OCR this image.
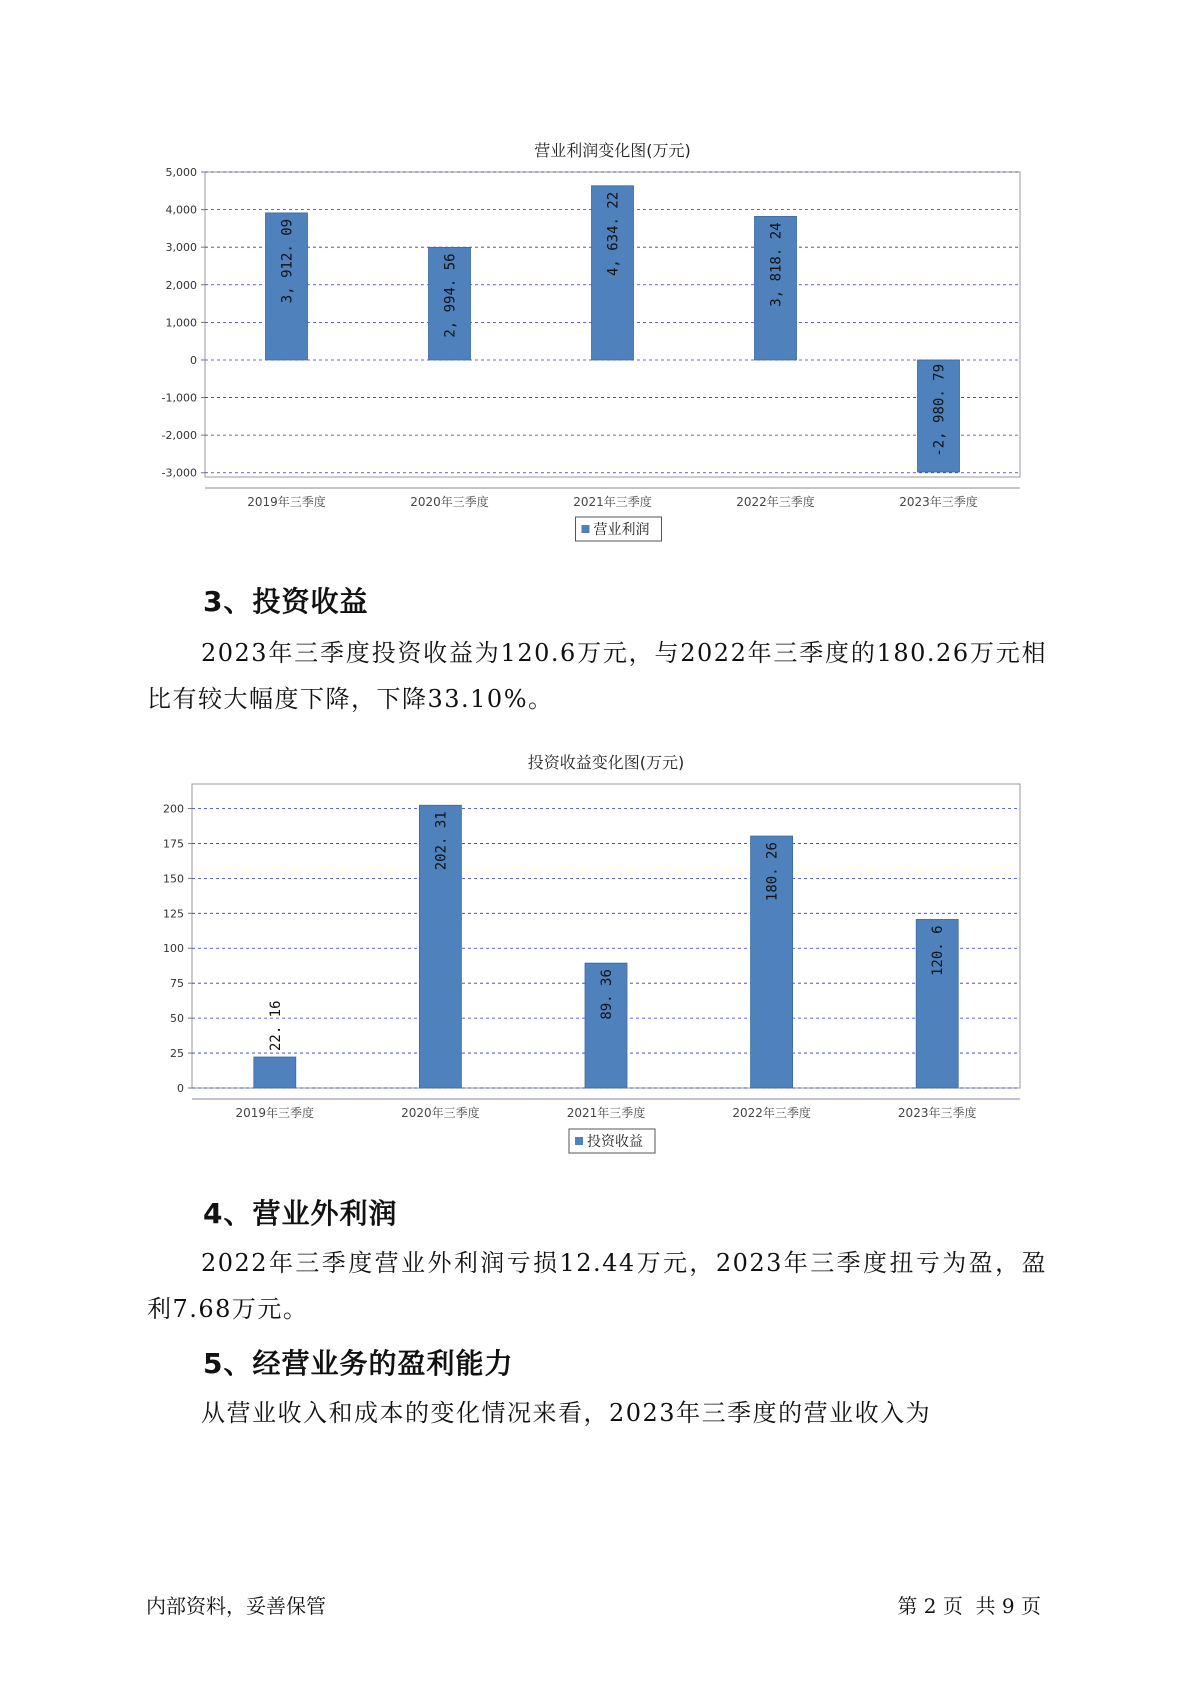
营业利润变化图(万元)
5,000
4,000
3,000
2,000
1,000
0
-1,000
-2,000
-3,000
3, 912. 09
2019年三季度
2, 994. 56
2020年三季度
4, 634. 22
2021年三季度
3, 818. 24
2022年三季度
-2, 980. 79
2023年三季度
营业利润
3、投资收益
2023年三季度投资收益为120.6万元，与2022年三季度的180.26万元相比有较大幅度下降，下降33.10%。
投资收益变化图(万元)
200
175
150
125
100
75
50
25
0
22. 16
2019年三季度
202. 31
2020年三季度
89. 36
2021年三季度
180. 26
2022年三季度
120. 6
2023年三季度
投资收益
4、营业外利润
2022年三季度营业外利润亏损12.44万元，2023年三季度扭亏为盈，盈利7.68万元。
5、经营业务的盈利能力
从营业收入和成本的变化情况来看，2023年三季度的营业收入为
内部资料，妥善保管	第 2 页  共 9 页
